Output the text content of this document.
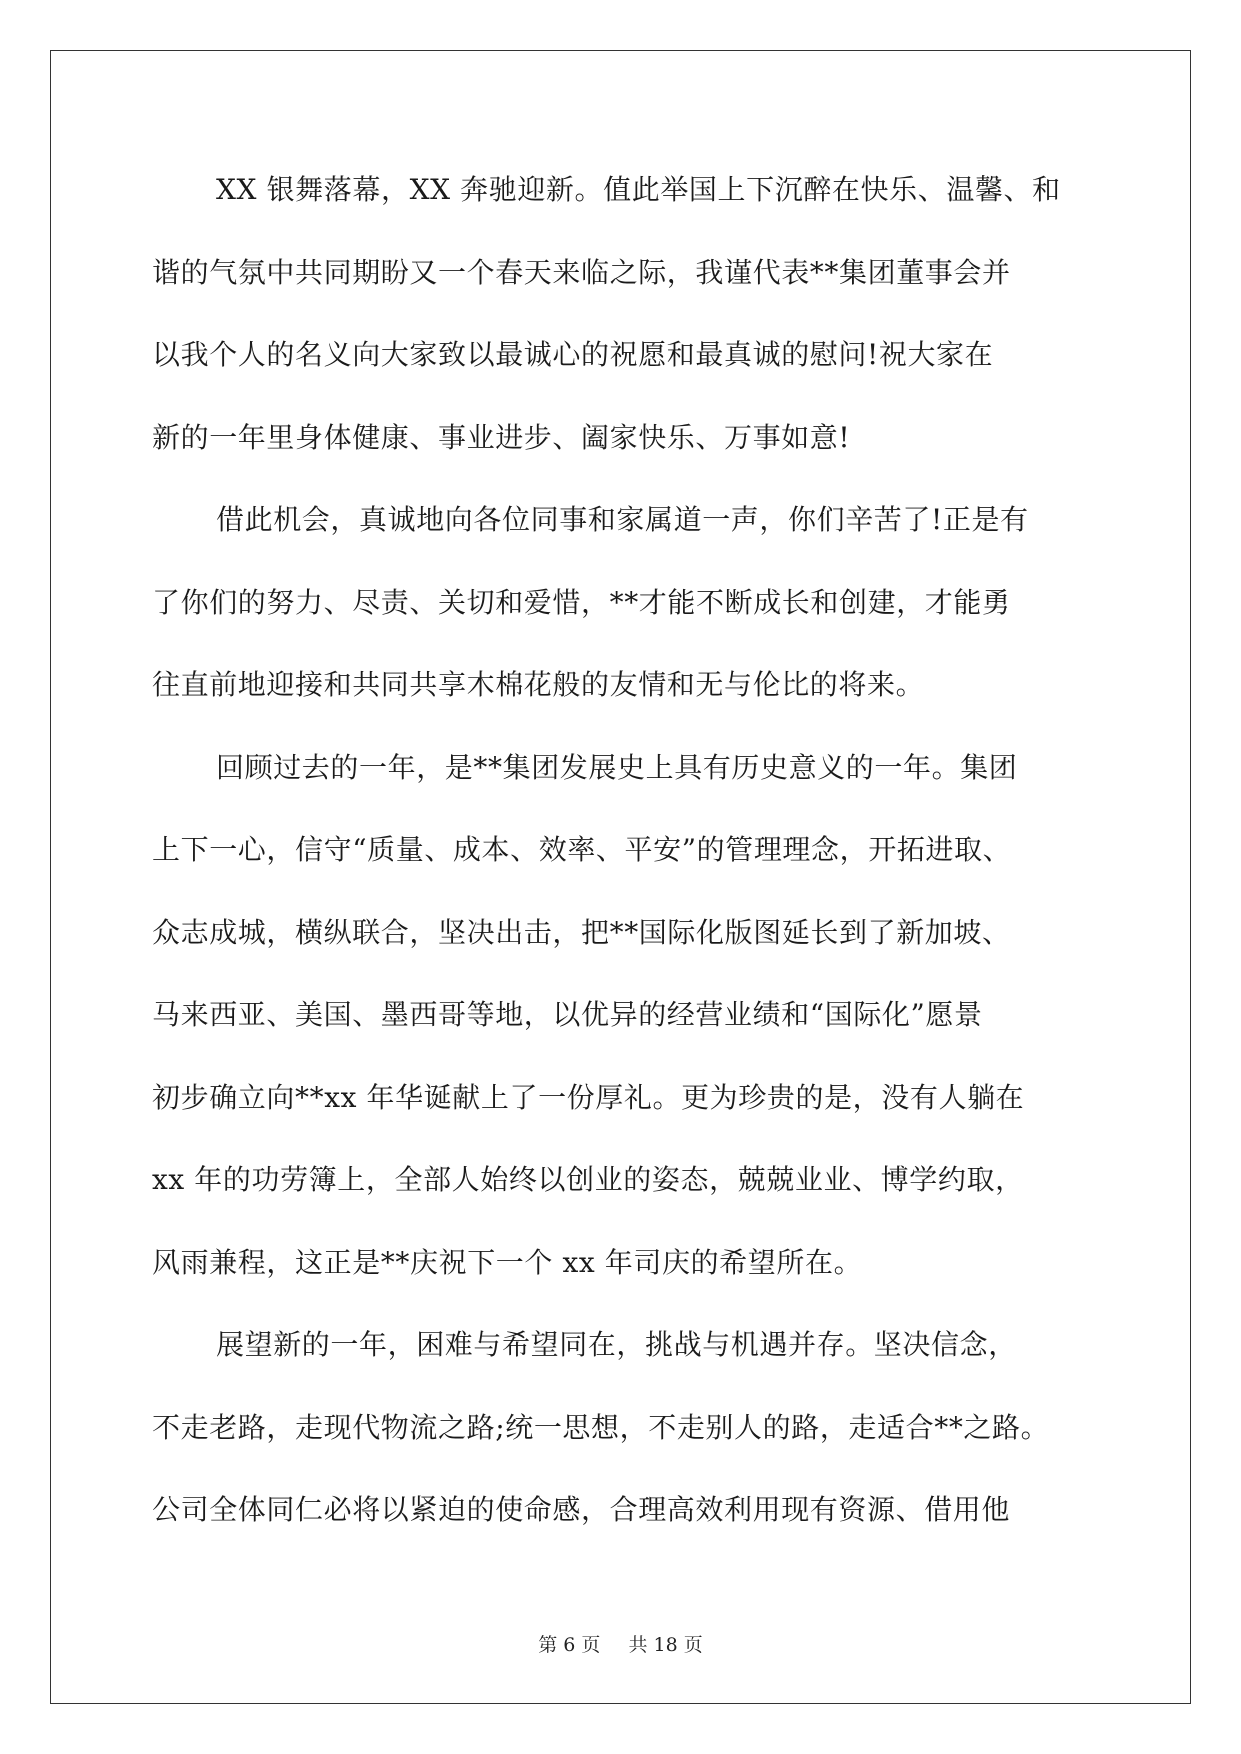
XX 银舞落幕，XX 奔驰迎新。值此举国上下沉醉在快乐、温馨、和
谐的气氛中共同期盼又一个春天来临之际，我谨代表**集团董事会并
以我个人的名义向大家致以最诚心的祝愿和最真诚的慰问!祝大家在
新的一年里身体健康、事业进步、阖家快乐、万事如意!
借此机会，真诚地向各位同事和家属道一声，你们辛苦了!正是有
了你们的努力、尽责、关切和爱惜，**才能不断成长和创建，才能勇
往直前地迎接和共同共享木棉花般的友情和无与伦比的将来。
回顾过去的一年，是**集团发展史上具有历史意义的一年。集团
上下一心，信守“质量、成本、效率、平安”的管理理念，开拓进取、
众志成城，横纵联合，坚决出击，把**国际化版图延长到了新加坡、
马来西亚、美国、墨西哥等地，以优异的经营业绩和“国际化”愿景
初步确立向**xx 年华诞献上了一份厚礼。更为珍贵的是，没有人躺在
xx 年的功劳簿上，全部人始终以创业的姿态，兢兢业业、博学约取，
风雨兼程，这正是**庆祝下一个 xx 年司庆的希望所在。
展望新的一年，困难与希望同在，挑战与机遇并存。坚决信念，
不走老路，走现代物流之路;统一思想，不走别人的路，走适合**之路。
公司全体同仁必将以紧迫的使命感，合理高效利用现有资源、借用他
第 6 页 共 18 页
